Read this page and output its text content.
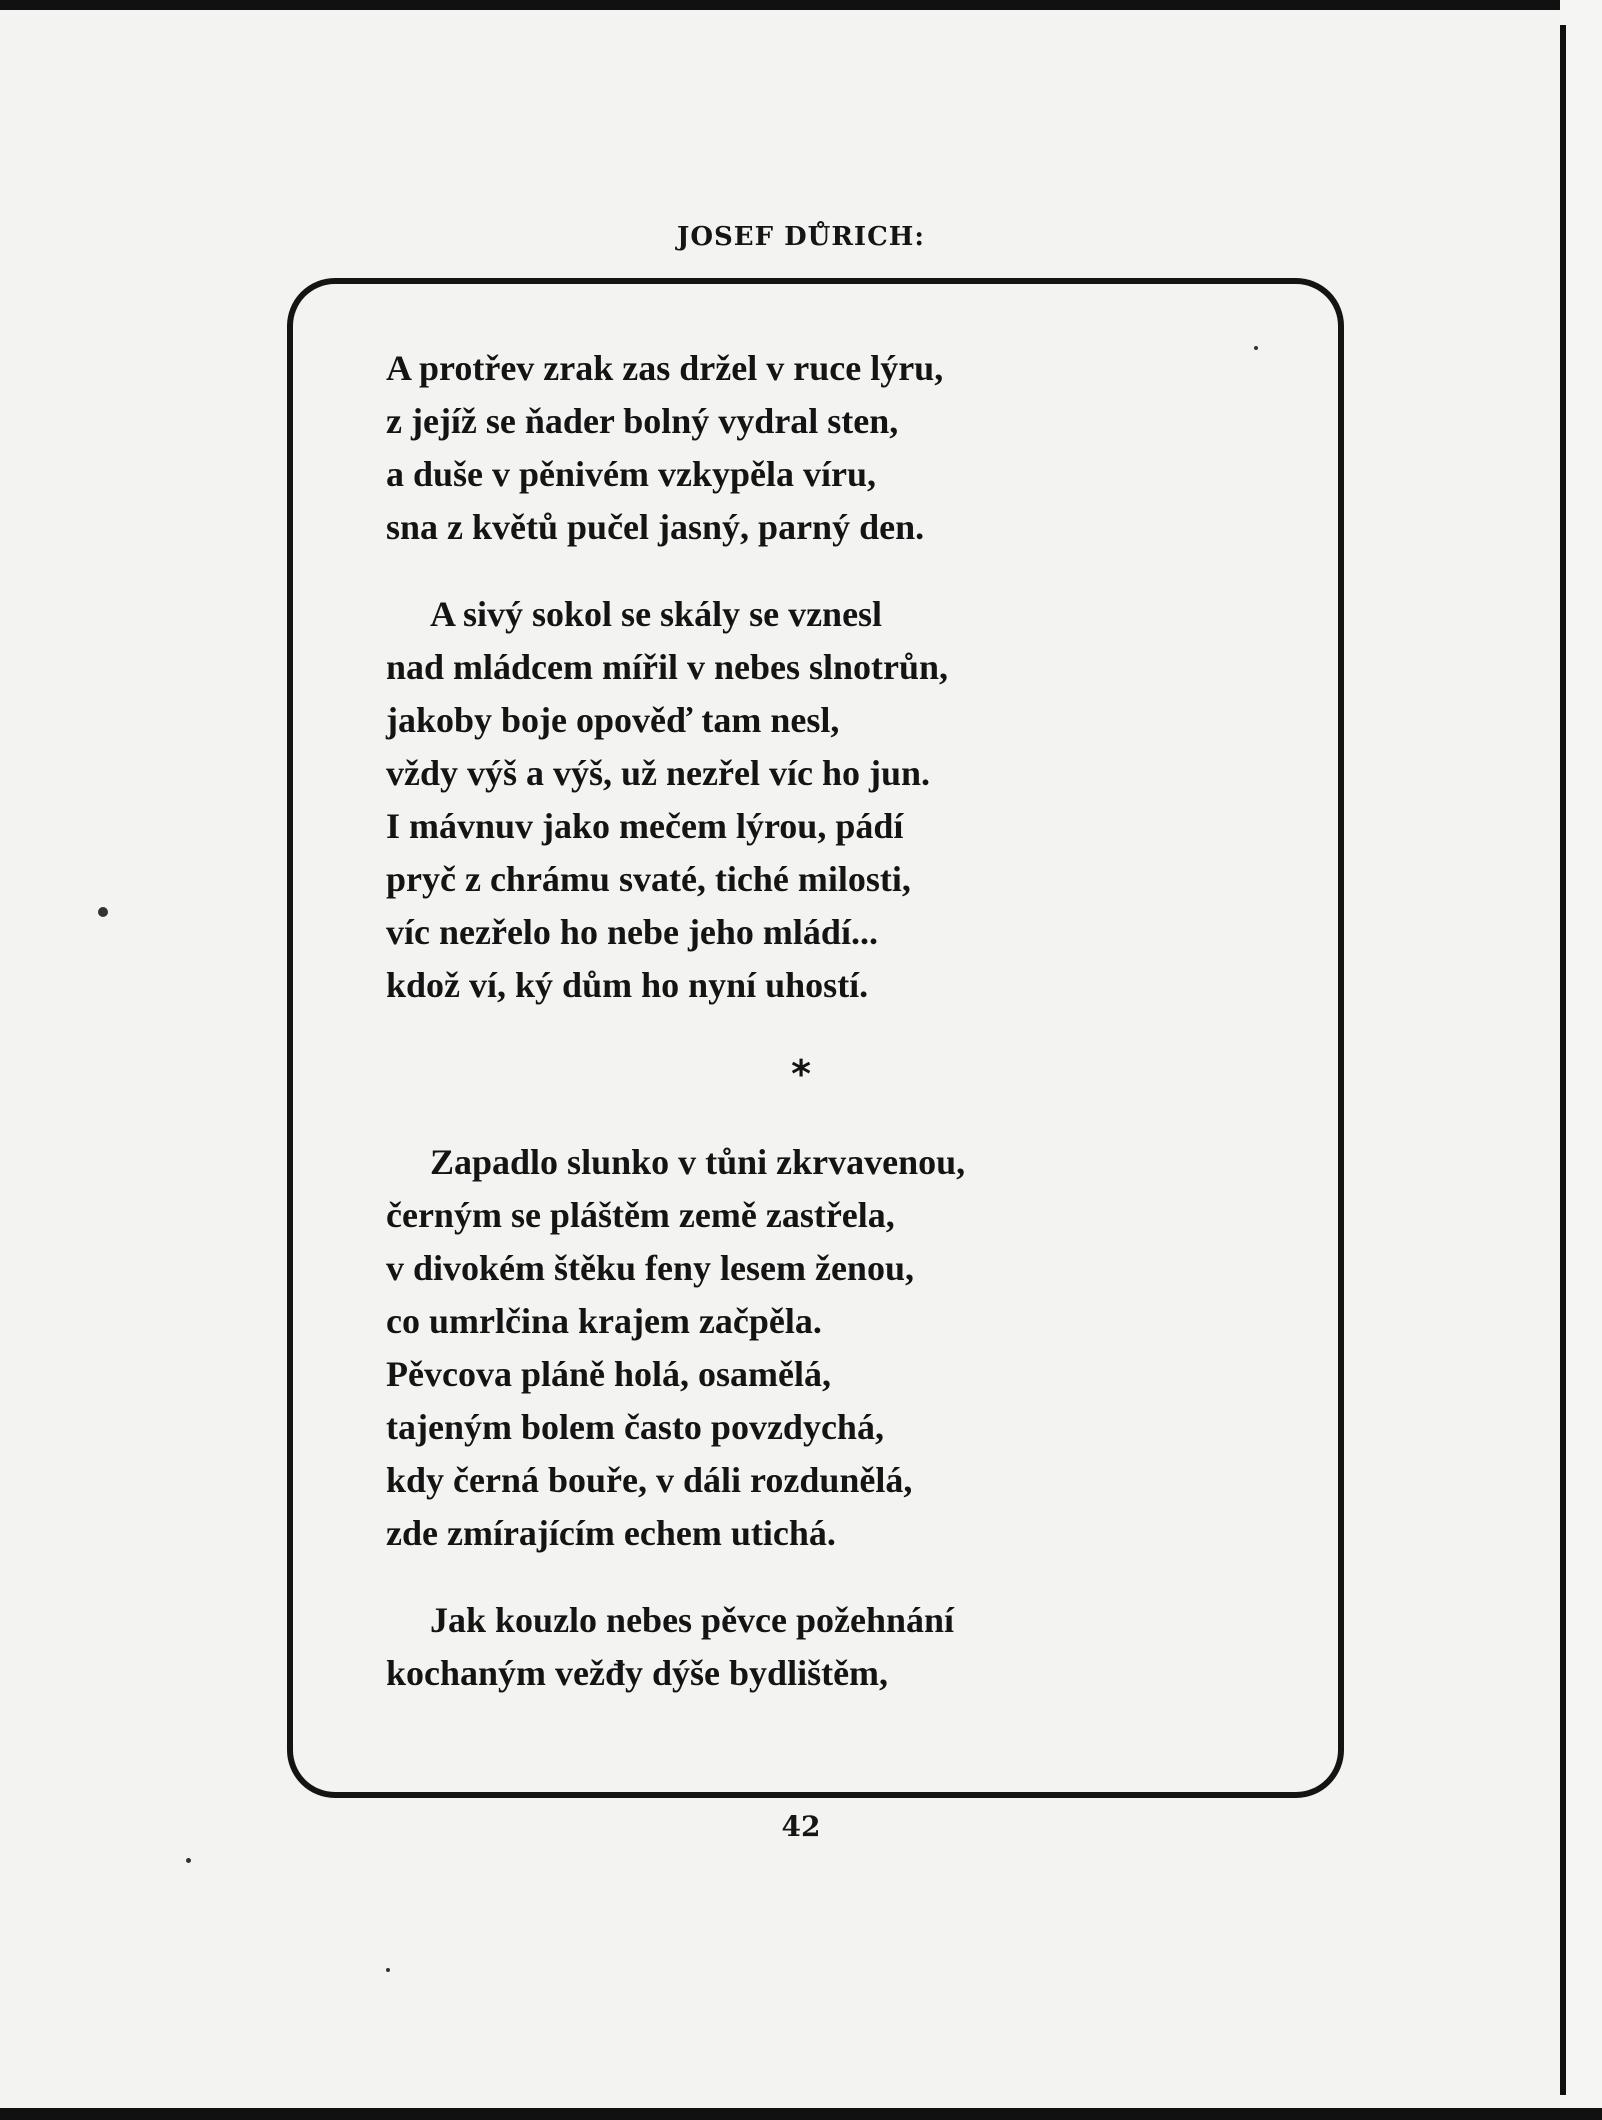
JOSEF DŮRICH:
A protřev zrak zas držel v ruce lýru,
z jejíž se ňader bolný vydral sten,
a duše v pěnivém vzkypěla víru,
sna z květů pučel jasný, parný den.
A sivý sokol se skály se vznesl
nad mládcem mířil v nebes slnotrůn,
jakoby boje opověď tam nesl,
vždy výš a výš, už nezřel víc ho jun.
I mávnuv jako mečem lýrou, pádí
pryč z chrámu svaté, tiché milosti,
víc nezřelo ho nebe jeho mládí...
kdož ví, ký dům ho nyní uhostí.
*
Zapadlo slunko v tůni zkrvavenou,
černým se pláštěm země zastřela,
v divokém štěku feny lesem ženou,
co umrlčina krajem začpěla.
Pěvcova pláně holá, osamělá,
tajeným bolem často povzdychá,
kdy černá bouře, v dáli rozdunělá,
zde zmírajícím echem utichá.
Jak kouzlo nebes pěvce požehnání
kochaným vežđy dýše bydlištěm,
42
